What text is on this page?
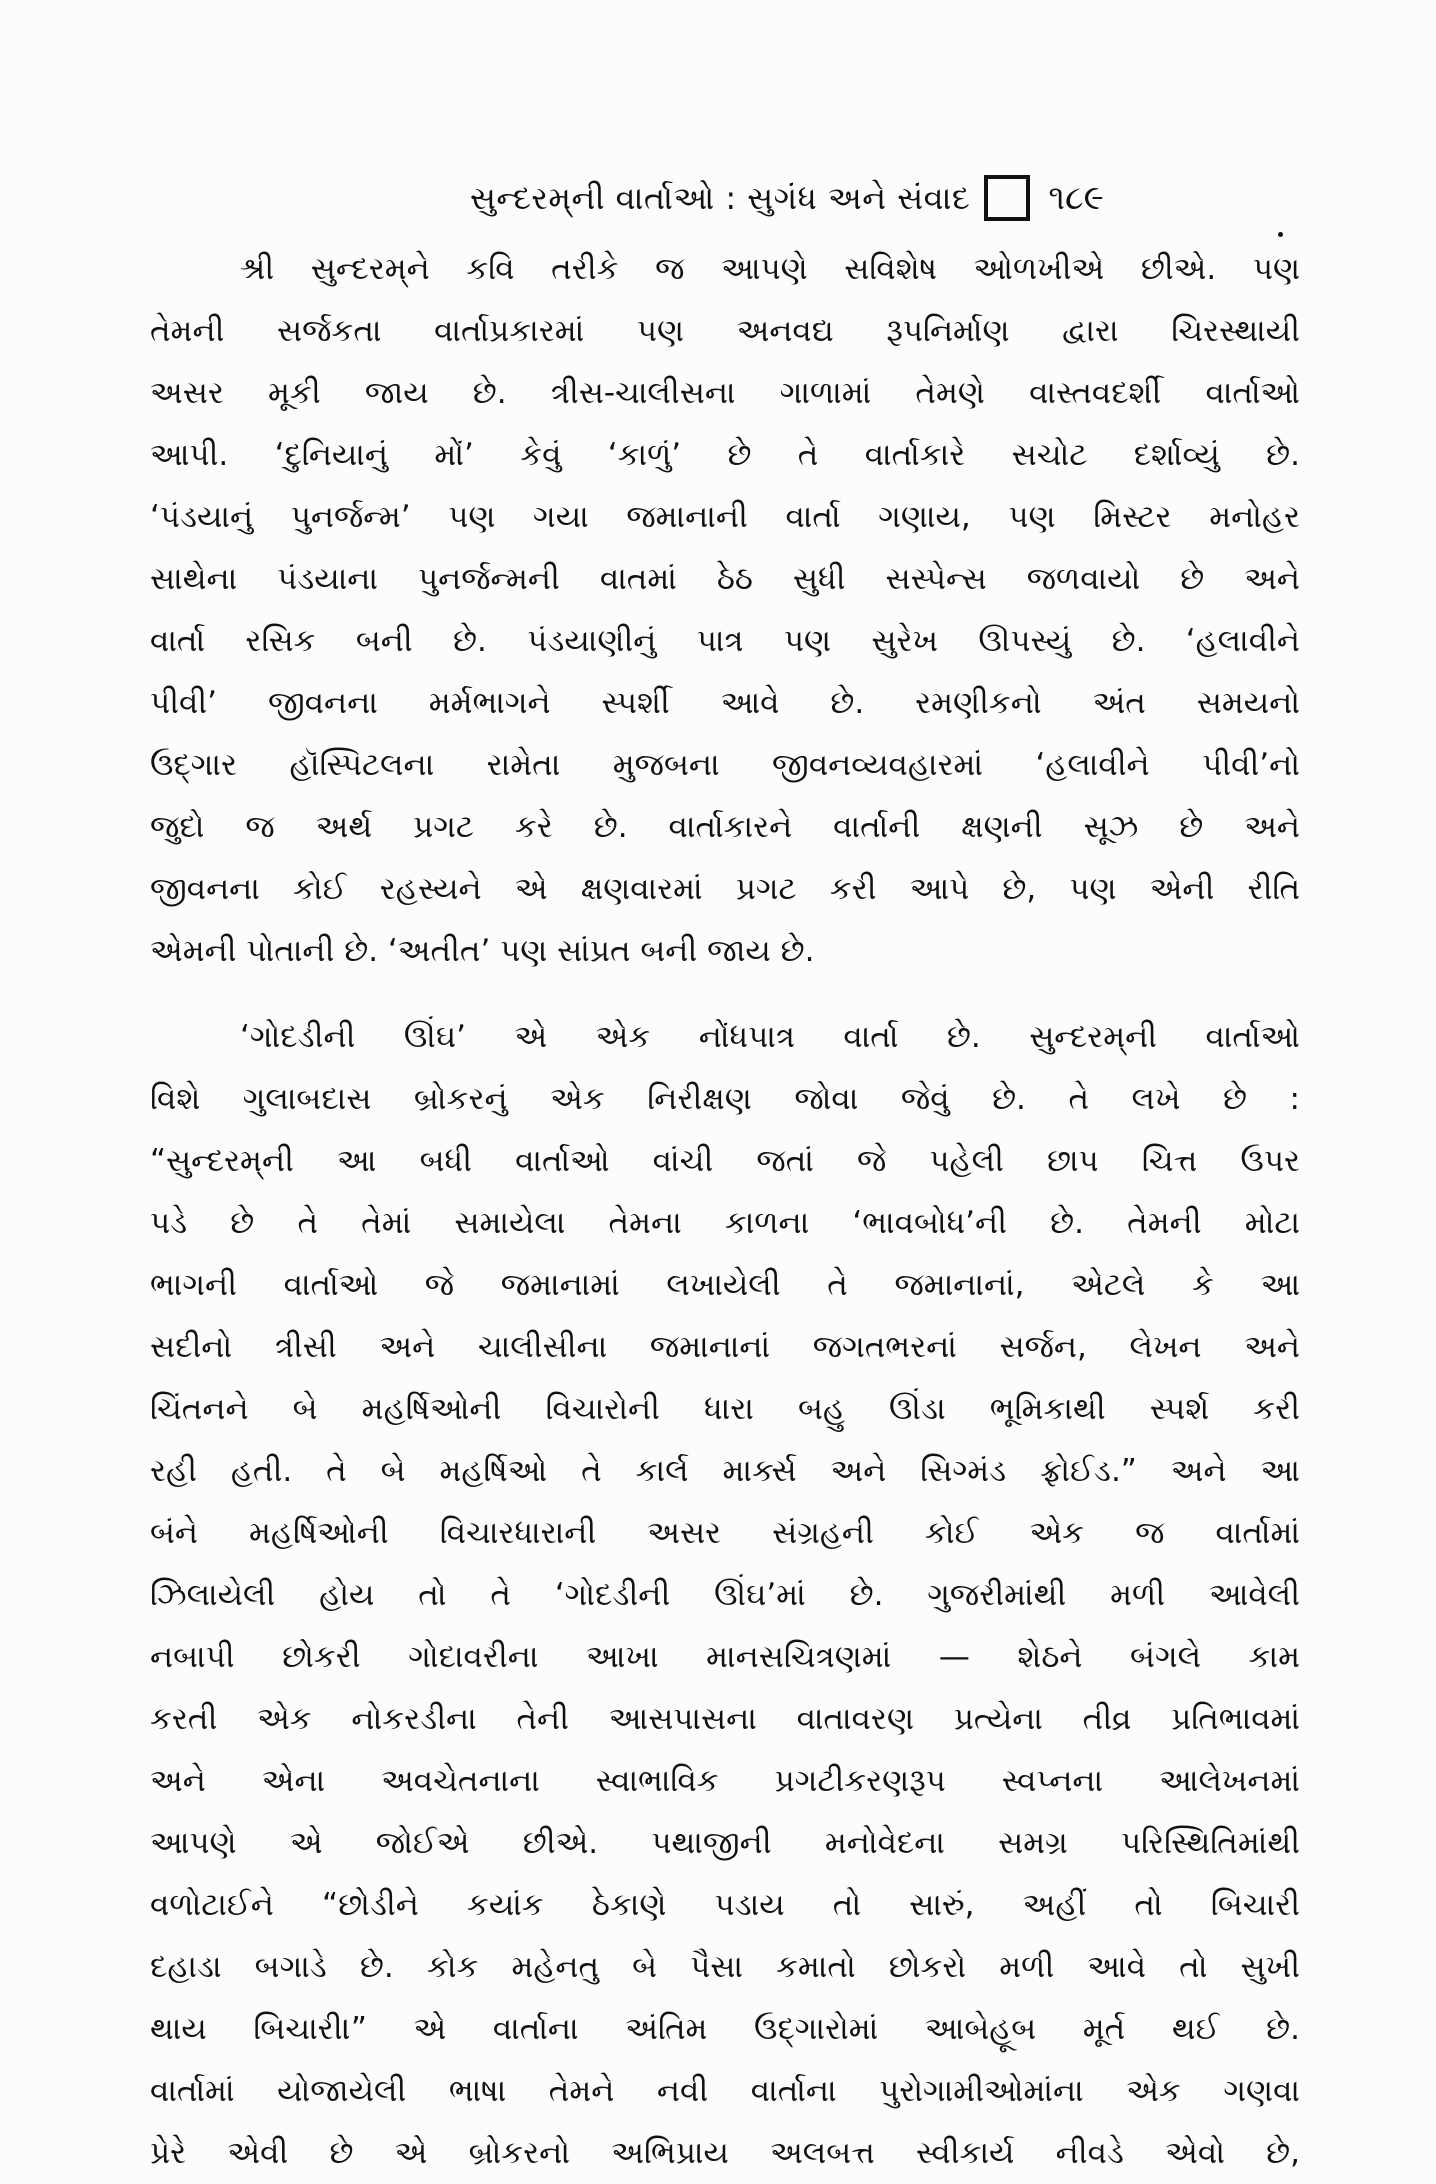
સુન્દરમ્‌ની વાર્તાઓ : સુગંધ અને સંવાદ ૧૮૯
શ્રી સુન્દરમ્‌ને કવિ તરીકે જ આપણે સવિશેષ ઓળખીએ છીએ. પણ
તેમની સર્જકતા વાર્તાપ્રકારમાં પણ અનવદ્ય રૂપનિર્માણ દ્વારા ચિરસ્થાયી
અસર મૂકી જાય છે. ત્રીસ-ચાલીસના ગાળામાં તેમણે વાસ્તવદર્શી વાર્તાઓ
આપી. ‘દુનિયાનું મોં’ કેવું ‘કાળું’ છે તે વાર્તાકારે સચોટ દર્શાવ્યું છે.
‘પંડયાનું પુનર્જન્મ’ પણ ગયા જમાનાની વાર્તા ગણાય, પણ મિસ્ટર મનોહર
સાથેના પંડયાના પુનર્જન્મની વાતમાં ઠેઠ સુધી સસ્પેન્સ જળવાયો છે અને
વાર્તા રસિક બની છે. પંડયાણીનું પાત્ર પણ સુરેખ ઊપસ્યું છે. ‘હલાવીને
પીવી’ જીવનના મર્મભાગને સ્પર્શી આવે છે. રમણીકનો અંત સમયનો
ઉદ્‌ગાર હૉસ્પિટલના રામેતા મુજબના જીવનવ્યવહારમાં ‘હલાવીને પીવી’નો
જુદો જ અર્થ પ્રગટ કરે છે. વાર્તાકારને વાર્તાની ક્ષણની સૂઝ છે અને
જીવનના કોઈ રહસ્યને એ ક્ષણવારમાં પ્રગટ કરી આપે છે, પણ એની રીતિ
એમની પોતાની છે. ‘અતીત’ પણ સાંપ્રત બની જાય છે.
‘ગોદડીની ઊંઘ’ એ એક નોંધપાત્ર વાર્તા છે. સુન્દરમ્‌ની વાર્તાઓ
વિશે ગુલાબદાસ બ્રોકરનું એક નિરીક્ષણ જોવા જેવું છે. તે લખે છે :
“સુન્દરમ્‌ની આ બધી વાર્તાઓ વાંચી જતાં જે પહેલી છાપ ચિત્ત ઉપર
પડે છે તે તેમાં સમાયેલા તેમના કાળના ‘ભાવબોધ’ની છે. તેમની મોટા
ભાગની વાર્તાઓ જે જમાનામાં લખાયેલી તે જમાનાનાં, એટલે કે આ
સદીનો ત્રીસી અને ચાલીસીના જમાનાનાં જગતભરનાં સર્જન, લેખન અને
ચિંતનને બે મહર્ષિઓની વિચારોની ધારા બહુ ઊંડા ભૂમિકાથી સ્પર્શ કરી
રહી હતી. તે બે મહર્ષિઓ તે કાર્લ માર્ક્સ અને સિગ્મંડ ફ્રોઈડ.” અને આ
બંને મહર્ષિઓની વિચારધારાની અસર સંગ્રહની કોઈ એક જ વાર્તામાં
ઝિલાયેલી હોય તો તે ‘ગોદડીની ઊંઘ’માં છે. ગુજરીમાંથી મળી આવેલી
નબાપી છોકરી ગોદાવરીના આખા માનસચિત્રણમાં — શેઠને બંગલે કામ
કરતી એક નોકરડીના તેની આસપાસના વાતાવરણ પ્રત્યેના તીવ્ર પ્રતિભાવમાં
અને એના અવચેતનાના સ્વાભાવિક પ્રગટીકરણરૂપ સ્વપ્નના આલેખનમાં
આપણે એ જોઈએ છીએ. પથાજીની મનોવેદના સમગ્ર પરિસ્થિતિમાંથી
વળોટાઈને “છોડીને કયાંક ઠેકાણે પડાય તો સારું, અહીં તો બિચારી
દહાડા બગાડે છે. કોક મહેનતુ બે પૈસા કમાતો છોકરો મળી આવે તો સુખી
થાય બિચારી।” એ વાર્તાના અંતિમ ઉદ્‌ગારોમાં આબેહૂબ મૂર્ત થઈ છે.
વાર્તામાં યોજાયેલી ભાષા તેમને નવી વાર્તાના પુરોગામીઓમાંના એક ગણવા
પ્રેરે એવી છે એ બ્રોકરનો અભિપ્રાય અલબત્ત સ્વીકાર્ય નીવડે એવો છે,
